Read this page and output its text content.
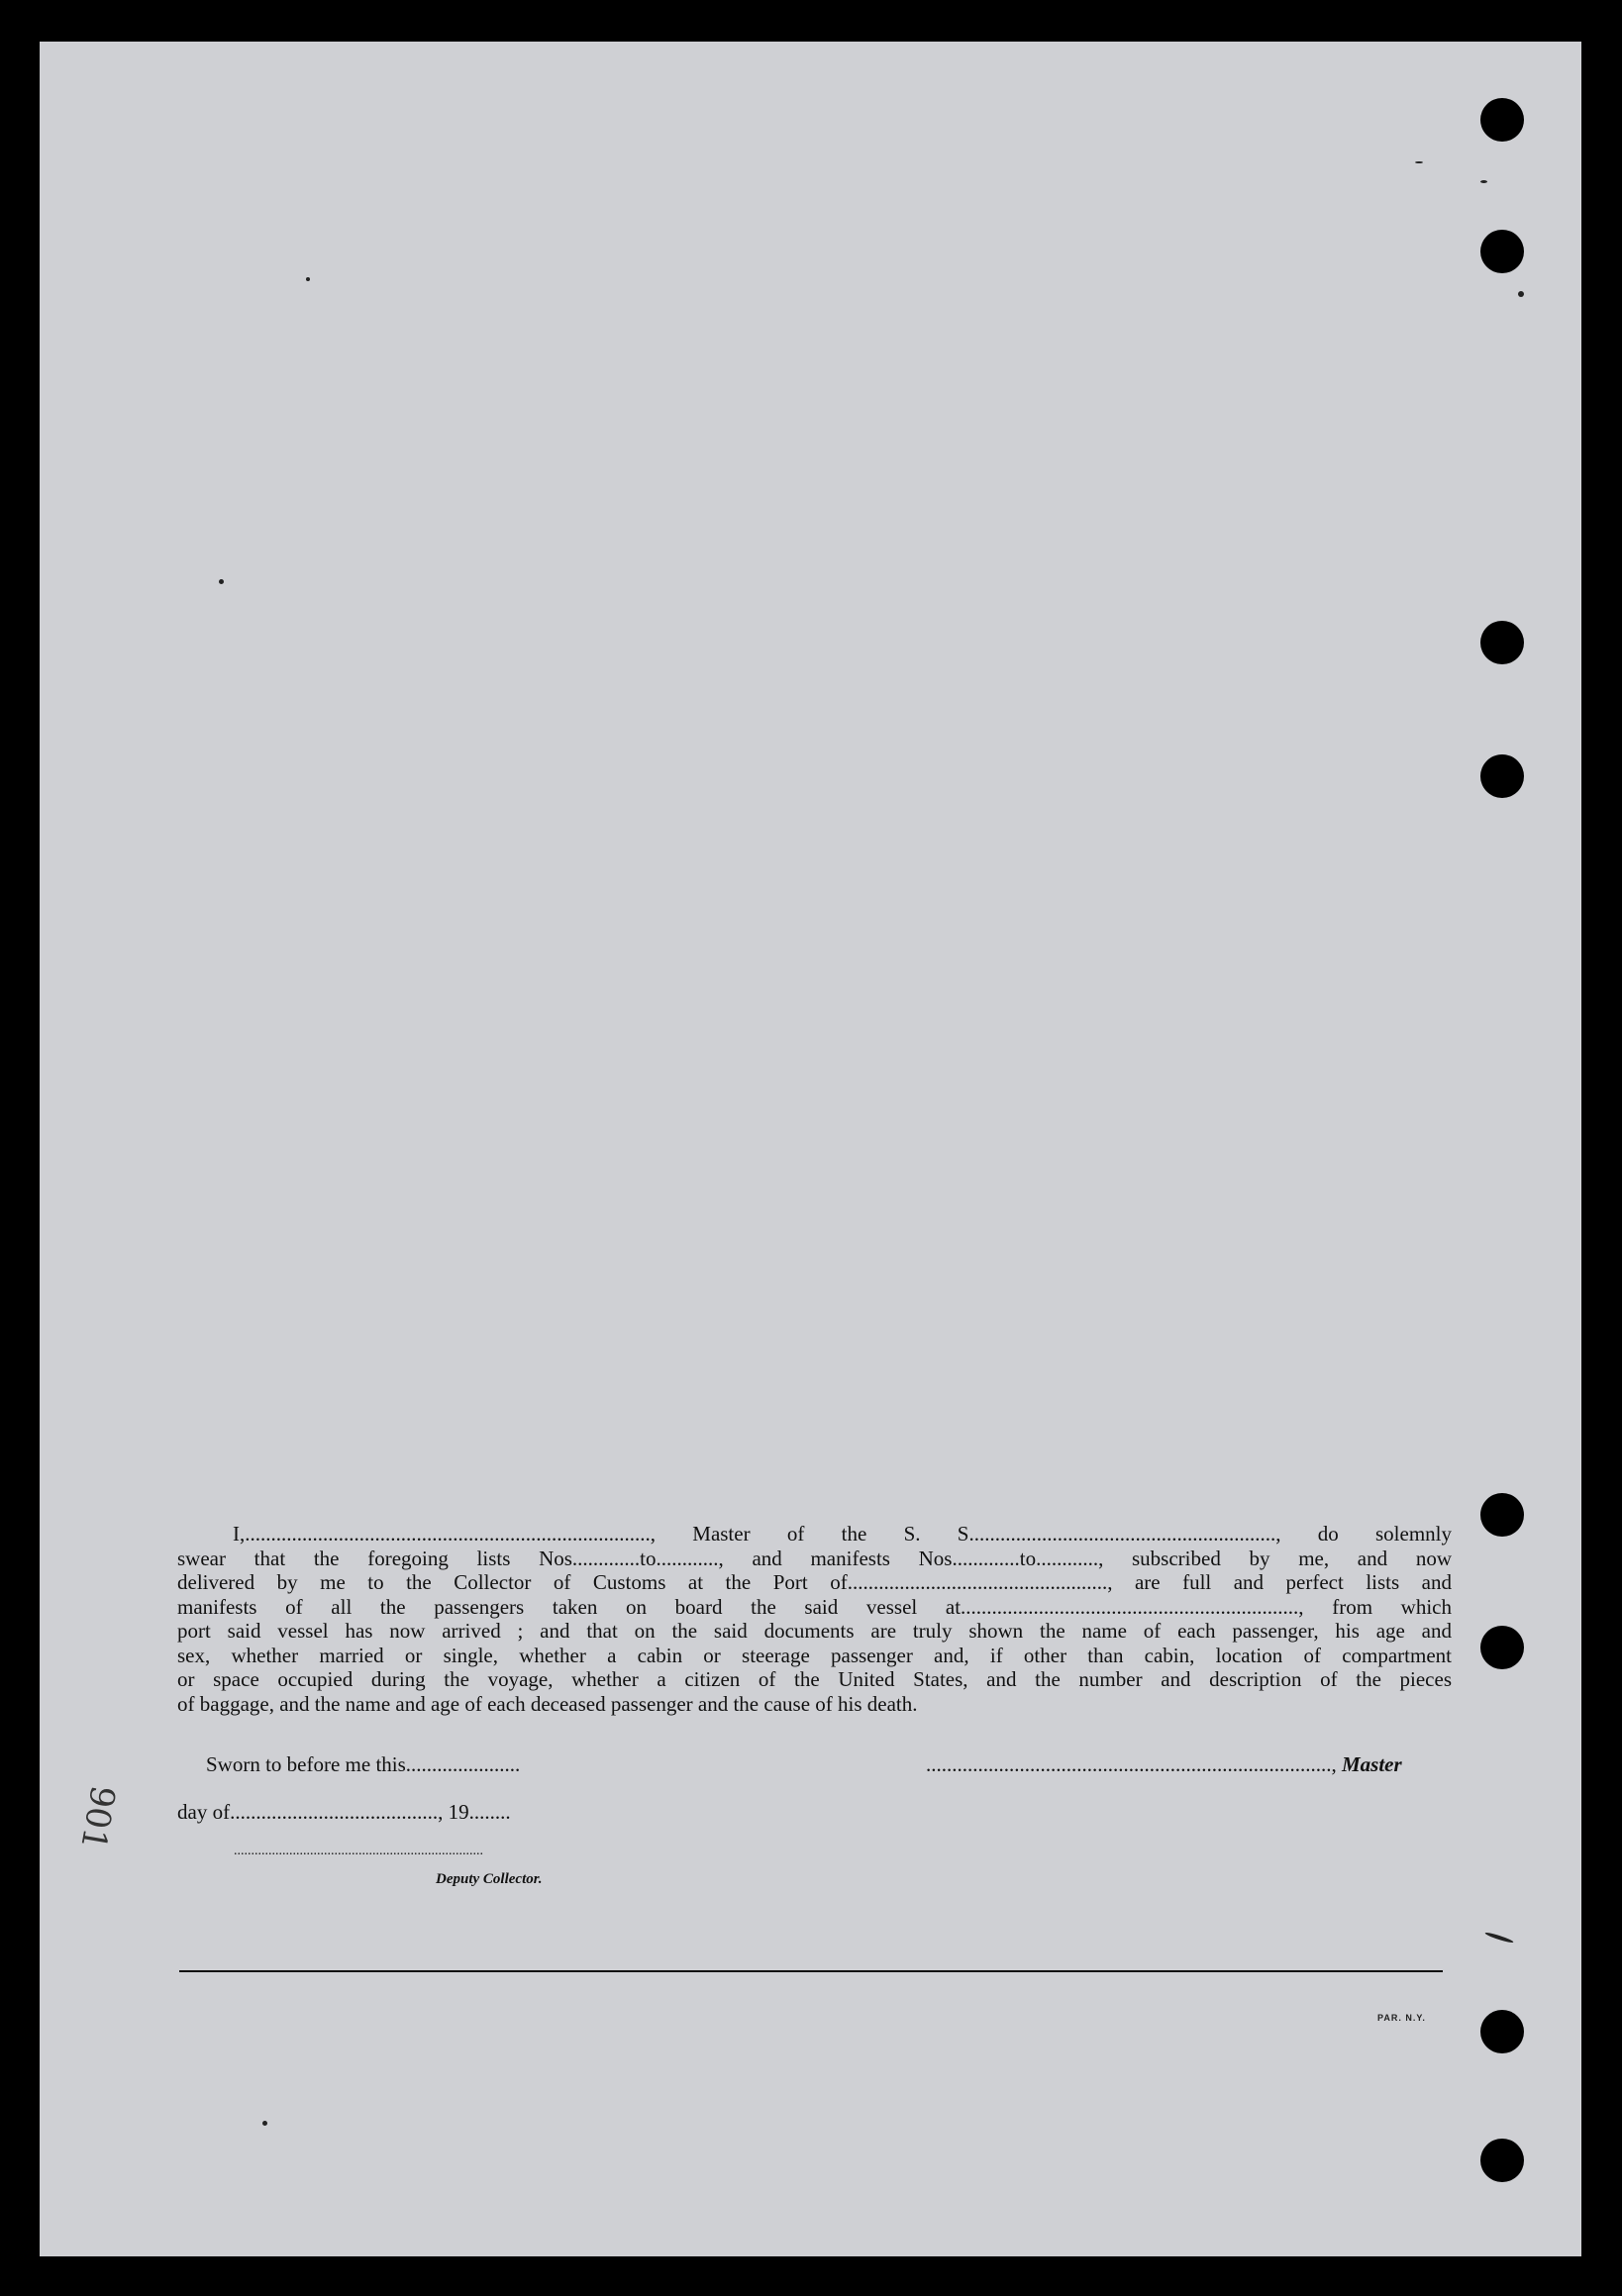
I,.............................................................................., Master of the S. S..........................................................., do solemnly
swear that the foregoing lists Nos.............to............, and manifests Nos.............to............, subscribed by me, and now
delivered by me to the Collector of Customs at the Port of.................................................., are full and perfect lists and
manifests of all the passengers taken on board the said vessel at................................................................., from which
port said vessel has now arrived ; and that on the said documents are truly shown the name of each passenger, his age and
sex, whether married or single, whether a cabin or steerage passenger and, if other than cabin, location of compartment
or space occupied during the voyage, whether a citizen of the United States, and the number and description of the pieces
of baggage, and the name and age of each deceased passenger and the cause of his death.
Sworn to before me this......................	.............................................................................., Master
day of........................................, 19........
........................................................................
Deputy Collector.
PAR. N.Y.
901
